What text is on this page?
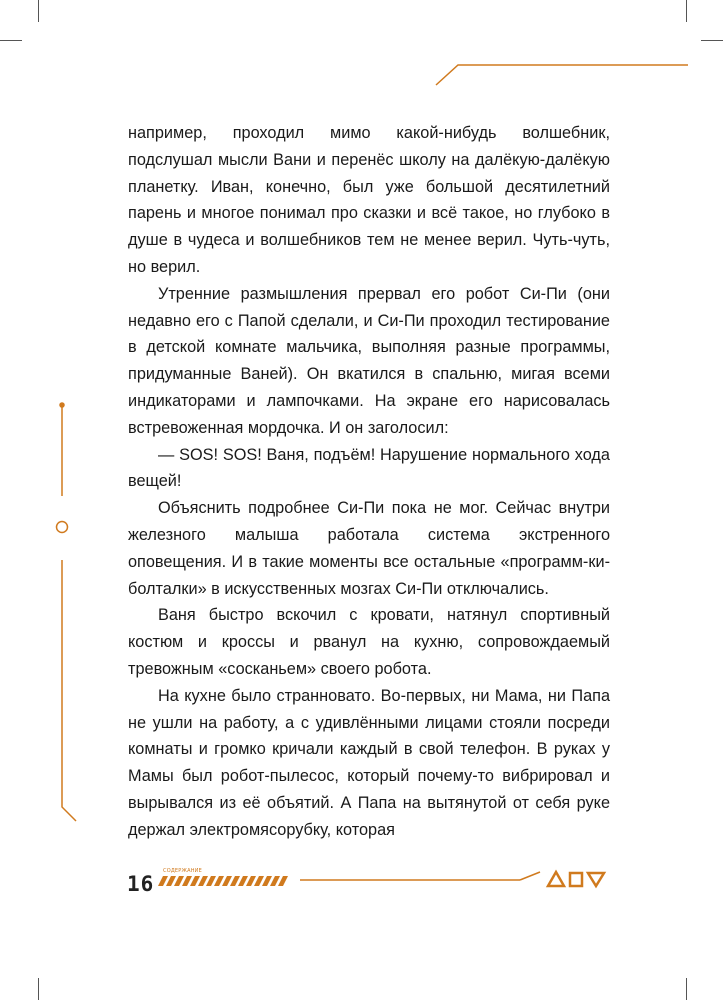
например, проходил мимо какой-нибудь волшебник, подслушал мысли Вани и перенёс школу на далёкую-далёкую планетку. Иван, конечно, был уже большой десятилетний парень и многое понимал про сказки и всё такое, но глубоко в душе в чудеса и волшебников тем не менее верил. Чуть-чуть, но верил.

Утренние размышления прервал его робот Си-Пи (они недавно его с Папой сделали, и Си-Пи проходил тестирование в детской комнате мальчика, выполняя разные программы, придуманные Ваней). Он вкатился в спальню, мигая всеми индикаторами и лампочками. На экране его нарисовалась встревоженная мордочка. И он заголосил:

— SOS! SOS! Ваня, подъём! Нарушение нормального хода вещей!

Объяснить подробнее Си-Пи пока не мог. Сейчас внутри железного малыша работала система экстренного оповещения. И в такие моменты все остальные «программ-ки-болталки» в искусственных мозгах Си-Пи отключались.

Ваня быстро вскочил с кровати, натянул спортивный костюм и кроссы и рванул на кухню, сопровождаемый тревожным «сосканьем» своего робота.

На кухне было странновато. Во-первых, ни Мама, ни Папа не ушли на работу, а с удивлёнными лицами стояли посреди комнаты и громко кричали каждый в свой телефон. В руках у Мамы был робот-пылесос, который почему-то вибрировал и вырывался из её объятий. А Папа на вытянутой от себя руке держал электромясорубку, которая

СОДЕРЖАНИЕ
16
